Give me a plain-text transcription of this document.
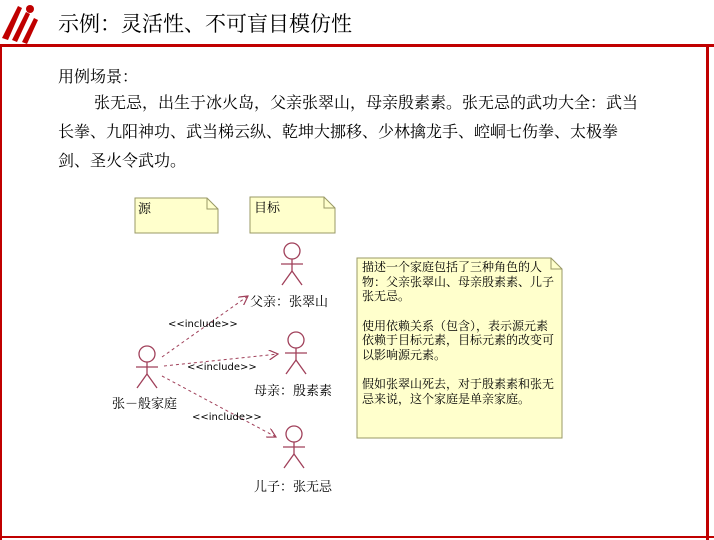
示例：灵活性、不可盲目模仿性
用例场景：
张无忌，出生于冰火岛，父亲张翠山，母亲殷素素。张无忌的武功大全：武当长拳、九阳神功、武当梯云纵、乾坤大挪移、少林擒龙手、崆峒七伤拳、太极拳剑、圣火令武功。
源	目标
张－般家庭
父亲：张翠山
母亲：殷素素
儿子：张无忌
<<include>>
<<include>>
<<include>>

描述一个家庭包括了三种角色的人物：父亲张翠山、母亲殷素素、儿子张无忌。

使用依赖关系（包含），表示源元素依赖于目标元素，目标元素的改变可以影响源元素。

假如张翠山死去，对于殷素素和张无忌来说，这个家庭是单亲家庭。
